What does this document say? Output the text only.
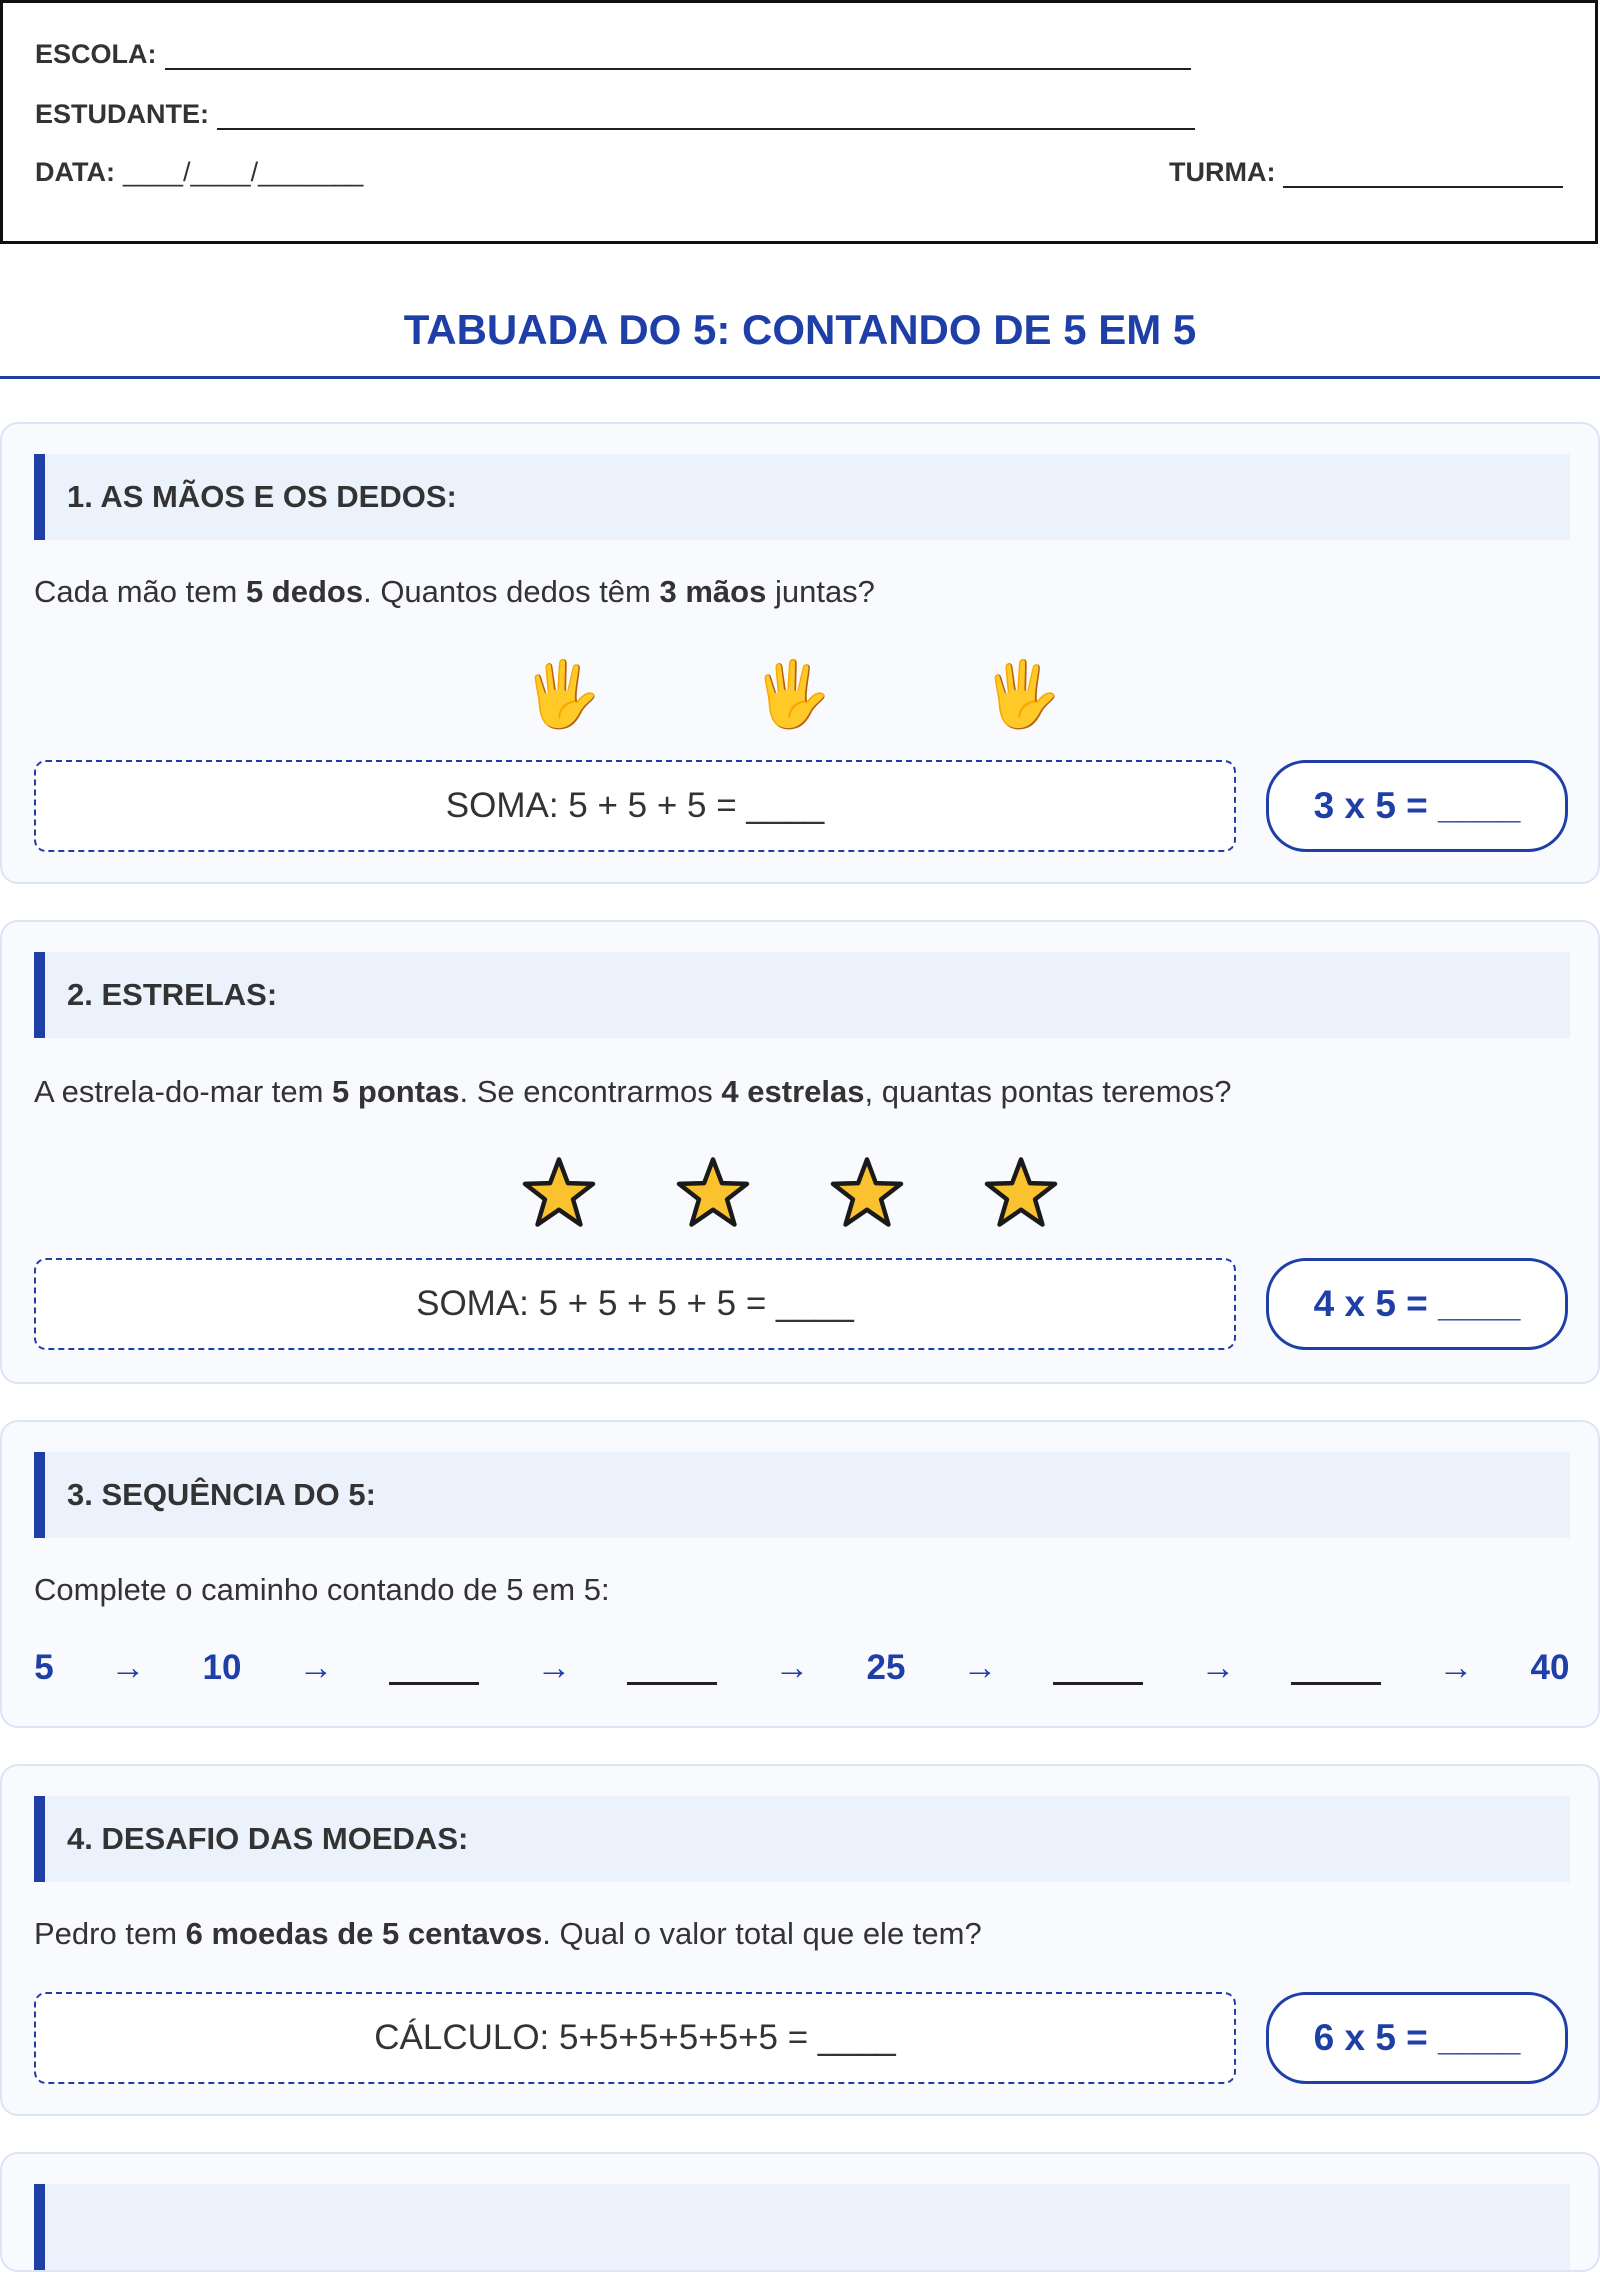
ESCOLA:
ESTUDANTE:
DATA: ____/____/_______	TURMA:
TABUADA DO 5: CONTANDO DE 5 EM 5
1. AS MÃOS E OS DEDOS:
Cada mão tem 5 dedos. Quantos dedos têm 3 mãos juntas?
🖐 🖐 🖐
SOMA: 5 + 5 + 5 = ____	3 x 5 = ____
2. ESTRELAS:
A estrela-do-mar tem 5 pontas. Se encontrarmos 4 estrelas, quantas pontas teremos?
SOMA: 5 + 5 + 5 + 5 = ____	4 x 5 = ____
3. SEQUÊNCIA DO 5:
Complete o caminho contando de 5 em 5:
5 → 10 →	→	→ 25 →	→	→ 40
4. DESAFIO DAS MOEDAS:
Pedro tem 6 moedas de 5 centavos. Qual o valor total que ele tem?
CÁLCULO: 5+5+5+5+5+5 = ____	6 x 5 = ____
